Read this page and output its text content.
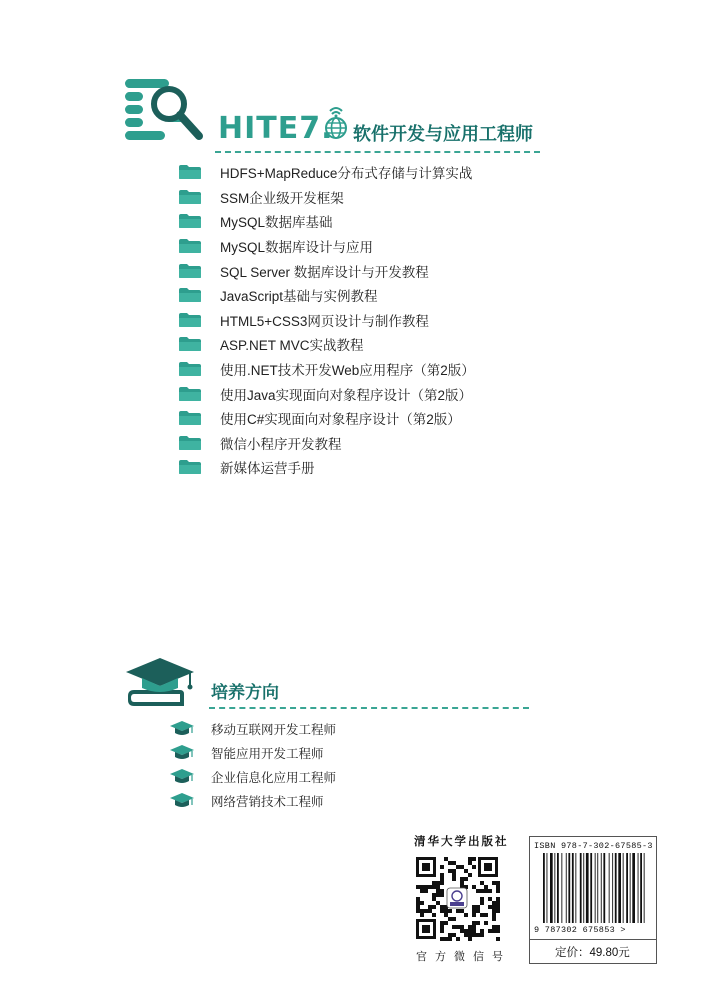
HITE7. 软件开发与应用工程师
HDFS+MapReduce分布式存储与计算实战
SSM企业级开发框架
MySQL数据库基础
MySQL数据库设计与应用
SQL Server 数据库设计与开发教程
JavaScript基础与实例教程
HTML5+CSS3网页设计与制作教程
ASP.NET MVC实战教程
使用.NET技术开发Web应用程序（第2版）
使用Java实现面向对象程序设计（第2版）
使用C#实现面向对象程序设计（第2版）
微信小程序开发教程
新媒体运营手册
培养方向
移动互联网开发工程师
智能应用开发工程师
企业信息化应用工程师
网络营销技术工程师
清华大学出版社
官方微信号
ISBN 978-7-302-67585-3
9 787302 675853 >
定价：49.80元
